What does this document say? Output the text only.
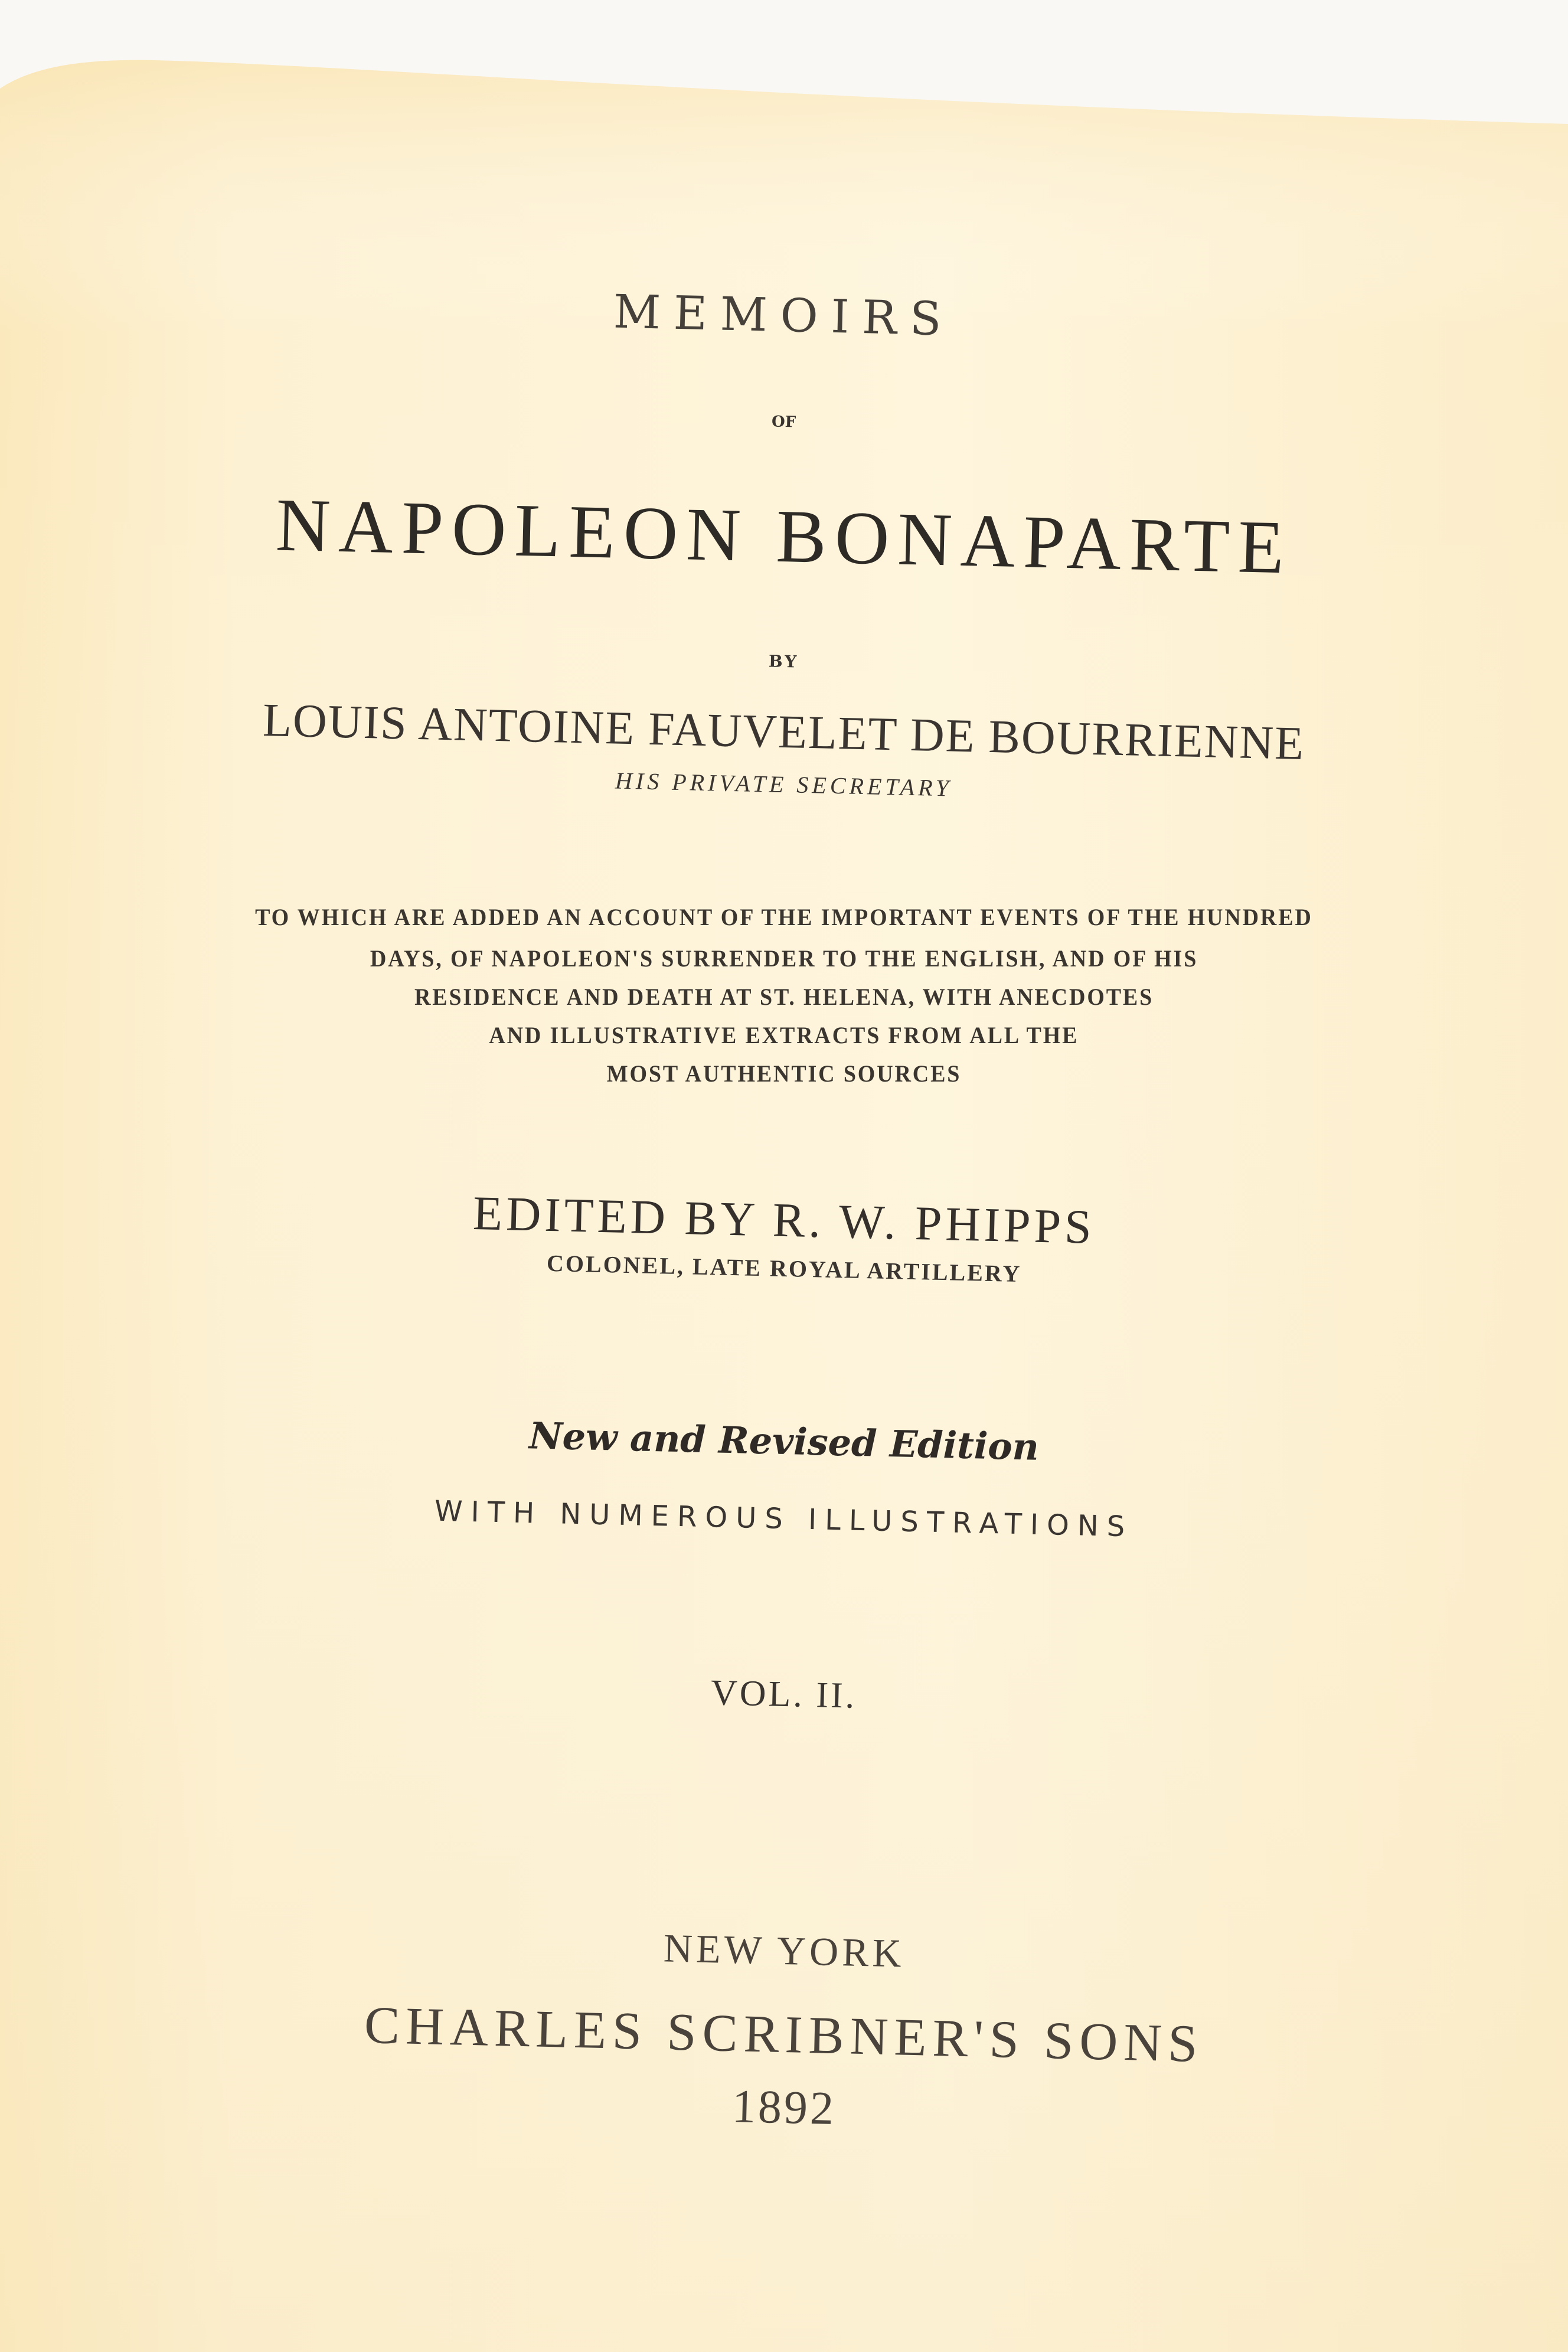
MEMOIRS
OF
NAPOLEON BONAPARTE
BY
LOUIS ANTOINE FAUVELET DE BOURRIENNE
HIS PRIVATE SECRETARY
TO WHICH ARE ADDED AN ACCOUNT OF THE IMPORTANT EVENTS OF THE HUNDRED
DAYS, OF NAPOLEON'S SURRENDER TO THE ENGLISH, AND OF HIS
RESIDENCE AND DEATH AT ST. HELENA, WITH ANECDOTES
AND ILLUSTRATIVE EXTRACTS FROM ALL THE
MOST AUTHENTIC SOURCES
EDITED BY R. W. PHIPPS
COLONEL, LATE ROYAL ARTILLERY
New and Revised Edition
WITH NUMEROUS ILLUSTRATIONS
VOL. II.
NEW YORK
CHARLES SCRIBNER'S SONS
1892
